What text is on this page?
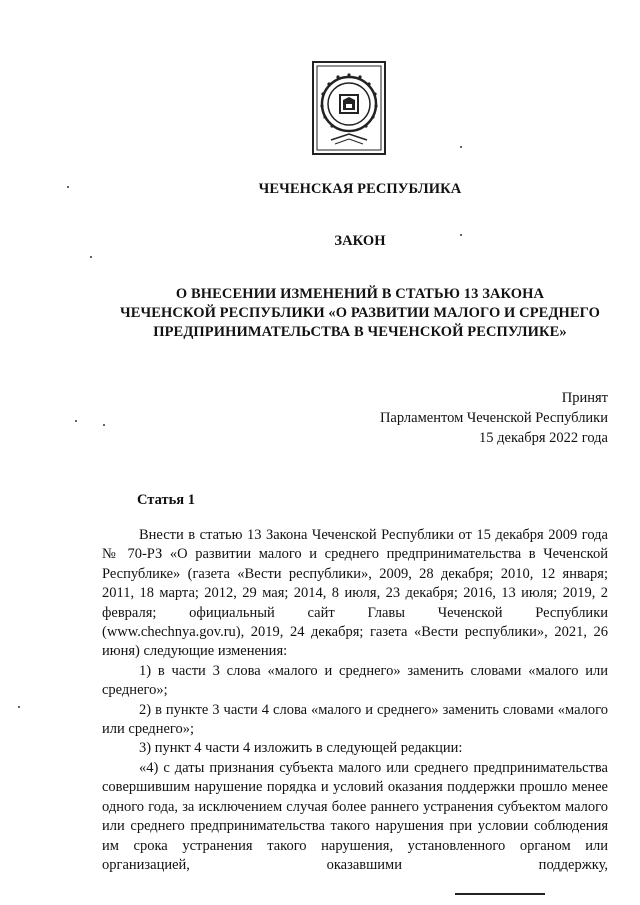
ЧЕЧЕНСКАЯ РЕСПУБЛИКА
ЗАКОН
О ВНЕСЕНИИ ИЗМЕНЕНИЙ В СТАТЬЮ 13 ЗАКОНА
ЧЕЧЕНСКОЙ РЕСПУБЛИКИ «О РАЗВИТИИ МАЛОГО И СРЕДНЕГО
ПРЕДПРИНИМАТЕЛЬСТВА В ЧЕЧЕНСКОЙ РЕСПУЛИКЕ»
Принят
Парламентом Чеченской Республики
15 декабря 2022 года
Статья 1

Внести в статью 13 Закона Чеченской Республики от 15 декабря 2009 года № 70-РЗ «О развитии малого и среднего предпринимательства в Чеченской Республике» (газета «Вести республики», 2009, 28 декабря; 2010, 12 января; 2011, 18 марта; 2012, 29 мая; 2014, 8 июля, 23 декабря; 2016, 13 июля; 2019, 2 февраля; официальный сайт Главы Чеченской Республики (www.chechnya.gov.ru), 2019, 24 декабря; газета «Вести республики», 2021, 26 июня) следующие изменения:

1) в части 3 слова «малого и среднего» заменить словами «малого или среднего»;

2) в пункте 3 части 4 слова «малого и среднего» заменить словами «малого или среднего»;

3) пункт 4 части 4 изложить в следующей редакции:

«4) с даты признания субъекта малого или среднего предпринимательства совершившим нарушение порядка и условий оказания поддержки прошло менее одного года, за исключением случая более раннего устранения субъектом малого или среднего предпринимательства такого нарушения при условии соблюдения им срока устранения такого нарушения, установленного органом или организацией, оказавшими поддержку,
